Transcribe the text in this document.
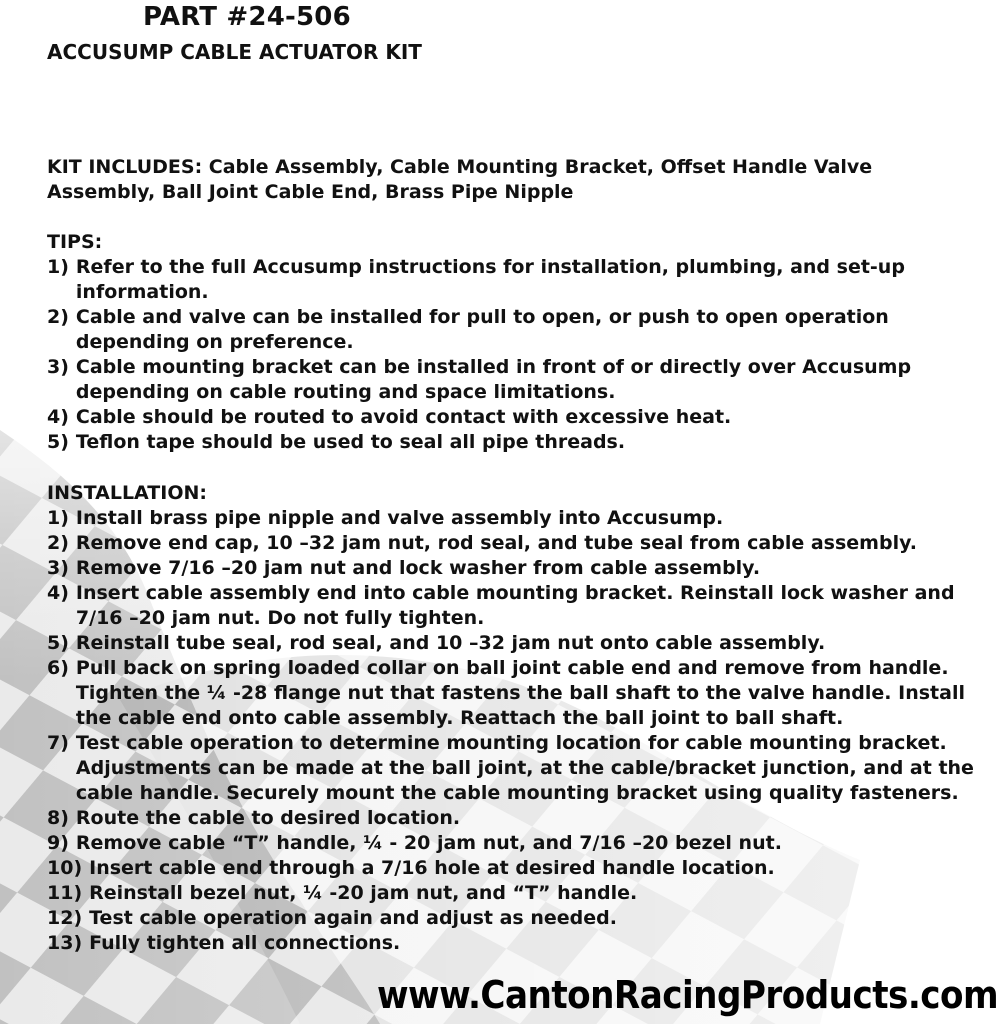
PART #24-506
ACCUSUMP CABLE ACTUATOR KIT
KIT INCLUDES: Cable Assembly, Cable Mounting Bracket, Offset Handle Valve Assembly, Ball Joint Cable End, Brass Pipe Nipple
TIPS:
1) Refer to the full Accusump instructions for installation, plumbing, and set-up information.
2) Cable and valve can be installed for pull to open, or push to open operation depending on preference.
3) Cable mounting bracket can be installed in front of or directly over Accusump depending on cable routing and space limitations.
4) Cable should be routed to avoid contact with excessive heat.
5) Teflon tape should be used to seal all pipe threads.
INSTALLATION:
1) Install brass pipe nipple and valve assembly into Accusump.
2) Remove end cap, 10 –32 jam nut, rod seal, and tube seal from cable assembly.
3) Remove 7/16 –20 jam nut and lock washer from cable assembly.
4) Insert cable assembly end into cable mounting bracket. Reinstall lock washer and 7/16 –20 jam nut. Do not fully tighten.
5) Reinstall tube seal, rod seal, and 10 –32 jam nut onto cable assembly.
6) Pull back on spring loaded collar on ball joint cable end and remove from handle. Tighten the ¼ -28 flange nut that fastens the ball shaft to the valve handle. Install the cable end onto cable assembly. Reattach the ball joint to ball shaft.
7) Test cable operation to determine mounting location for cable mounting bracket. Adjustments can be made at the ball joint, at the cable/bracket junction, and at the cable handle. Securely mount the cable mounting bracket using quality fasteners.
8) Route the cable to desired location.
9) Remove cable “T” handle, ¼ - 20 jam nut, and 7/16 –20 bezel nut.
10) Insert cable end through a 7/16 hole at desired handle location.
11) Reinstall bezel nut, ¼ -20 jam nut, and “T” handle.
12) Test cable operation again and adjust as needed.
13) Fully tighten all connections.
www.CantonRacingProducts.com
